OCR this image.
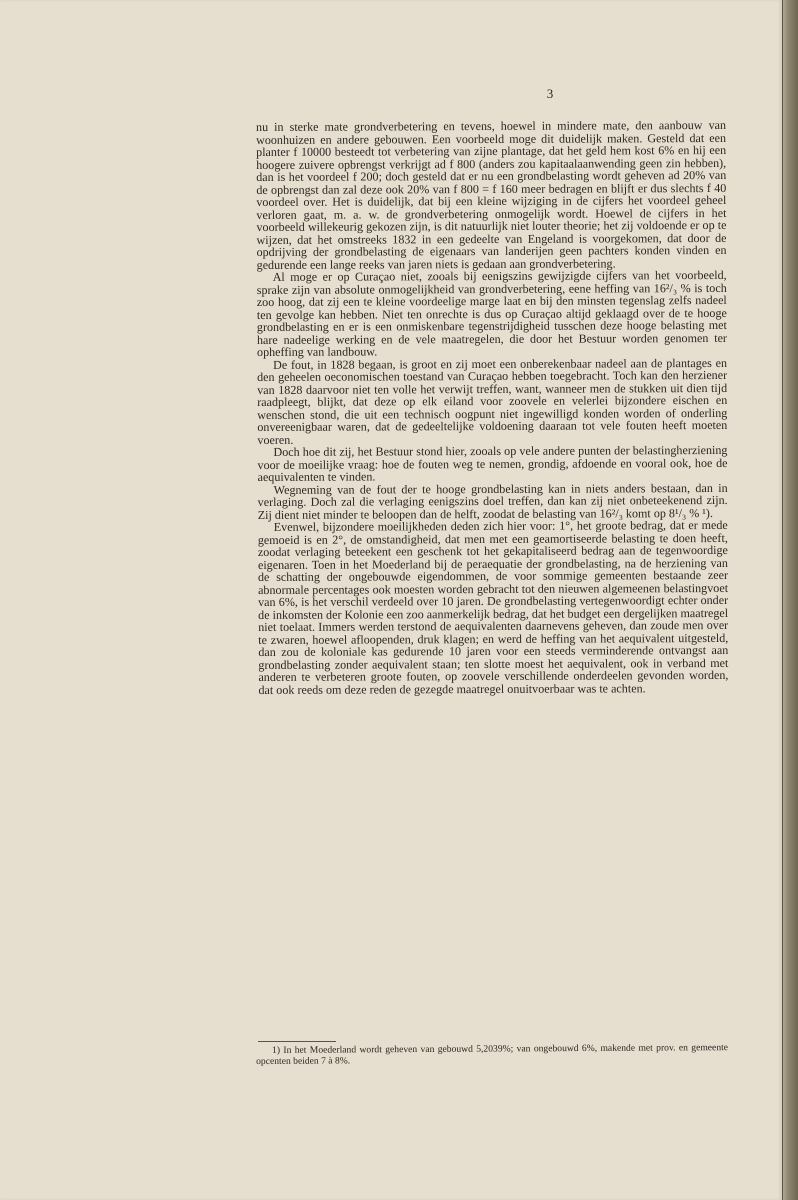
3

nu in sterke mate grondverbetering en tevens, hoewel in mindere mate, den aanbouw van woonhuizen en andere gebouwen. Een voorbeeld moge dit duidelijk maken. Gesteld dat een planter f 10000 besteedt tot verbetering van zijne plantage, dat het geld hem kost 6% en hij een hoogere zuivere opbrengst verkrijgt ad f 800 (anders zou kapitaalaanwending geen zin hebben), dan is het voordeel f 200; doch gesteld dat er nu een grondbelasting wordt geheven ad 20% van de opbrengst dan zal deze ook 20% van f 800 = f 160 meer bedragen en blijft er dus slechts f 40 voordeel over. Het is duidelijk, dat bij een kleine wijziging in de cijfers het voordeel geheel verloren gaat, m. a. w. de grondverbetering onmogelijk wordt. Hoewel de cijfers in het voorbeeld willekeurig gekozen zijn, is dit natuurlijk niet louter theorie; het zij voldoende er op te wijzen, dat het omstreeks 1832 in een gedeelte van Engeland is voorgekomen, dat door de opdrijving der grondbelasting de eigenaars van landerijen geen pachters konden vinden en gedurende een lange reeks van jaren niets is gedaan aan grondverbetering.

Al moge er op Curaçao niet, zooals bij eenigszins gewijzigde cijfers van het voorbeeld, sprake zijn van absolute onmogelijkheid van grondverbetering, eene heffing van 16²/₃ % is toch zoo hoog, dat zij een te kleine voordeelige marge laat en bij den minsten tegenslag zelfs nadeel ten gevolge kan hebben. Niet ten onrechte is dus op Curaçao altijd geklaagd over de te hooge grondbelasting en er is een onmiskenbare tegenstrijdigheid tusschen deze hooge belasting met hare nadeelige werking en de vele maatregelen, die door het Bestuur worden genomen ter opheffing van landbouw.

De fout, in 1828 begaan, is groot en zij moet een onberekenbaar nadeel aan de plantages en den geheelen oeconomischen toestand van Curaçao hebben toegebracht. Toch kan den herziener van 1828 daarvoor niet ten volle het verwijt treffen, want, wanneer men de stukken uit dien tijd raadpleegt, blijkt, dat deze op elk eiland voor zoovele en velerlei bijzondere eischen en wenschen stond, die uit een technisch oogpunt niet ingewilligd konden worden of onderling onvereenigbaar waren, dat de gedeeltelijke voldoening daaraan tot vele fouten heeft moeten voeren.

Doch hoe dit zij, het Bestuur stond hier, zooals op vele andere punten der belastingherziening voor de moeilijke vraag: hoe de fouten weg te nemen, grondig, afdoende en vooral ook, hoe de aequivalenten te vinden.

Wegneming van de fout der te hooge grondbelasting kan in niets anders bestaan, dan in verlaging. Doch zal die verlaging eenigszins doel treffen, dan kan zij niet onbeteekenend zijn. Zij dient niet minder te beloopen dan de helft, zoodat de belasting van 16²/₃ komt op 8¹/₃ % ¹).

Evenwel, bijzondere moeilijkheden deden zich hier voor: 1°, het groote bedrag, dat er mede gemoeid is en 2°, de omstandigheid, dat men met een geamortiseerde belasting te doen heeft, zoodat verlaging beteekent een geschenk tot het gekapitaliseerd bedrag aan de tegenwoordige eigenaren. Toen in het Moederland bij de peraequatie der grondbelasting, na de herziening van de schatting der ongebouwde eigendommen, de voor sommige gemeenten bestaande zeer abnormale percentages ook moesten worden gebracht tot den nieuwen algemeenen belastingvoet van 6%, is het verschil verdeeld over 10 jaren. De grondbelasting vertegenwoordigt echter onder de inkomsten der Kolonie een zoo aanmerkelijk bedrag, dat het budget een dergelijken maatregel niet toelaat. Immers werden terstond de aequivalenten daarnevens geheven, dan zoude men over te zwaren, hoewel afloopenden, druk klagen; en werd de heffing van het aequivalent uitgesteld, dan zou de koloniale kas gedurende 10 jaren voor een steeds verminderende ontvangst aan grondbelasting zonder aequivalent staan; ten slotte moest het aequivalent, ook in verband met anderen te verbeteren groote fouten, op zoovele verschillende onderdeelen gevonden worden, dat ook reeds om deze reden de gezegde maatregel onuitvoerbaar was te achten.

1) In het Moederland wordt geheven van gebouwd 5,2039%; van ongebouwd 6%, makende met prov. en gemeente opcenten beiden 7 à 8%.
